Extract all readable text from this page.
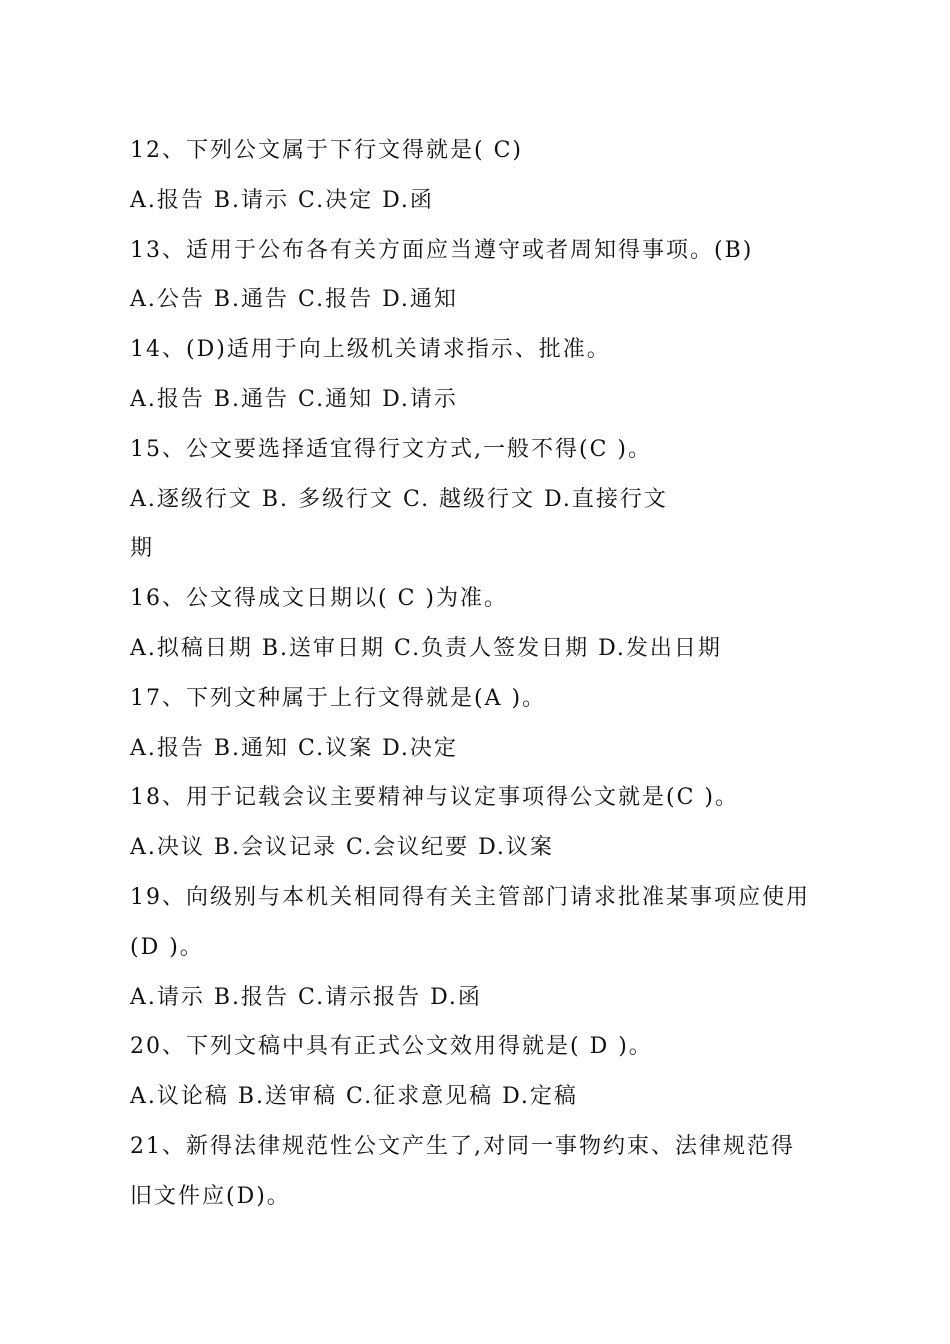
12、下列公文属于下行文得就是( C)
A.报告 B.请示 C.决定 D.函
13、适用于公布各有关方面应当遵守或者周知得事项。(B)
A.公告 B.通告 C.报告 D.通知
14、(D)适用于向上级机关请求指示、批准。
A.报告 B.通告 C.通知 D.请示
15、公文要选择适宜得行文方式,一般不得(C )。
A.逐级行文 B. 多级行文 C. 越级行文 D.直接行文
期
16、公文得成文日期以( C )为准。
A.拟稿日期 B.送审日期 C.负责人签发日期 D.发出日期
17、下列文种属于上行文得就是(A )。
A.报告 B.通知 C.议案 D.决定
18、用于记载会议主要精神与议定事项得公文就是(C )。
A.决议 B.会议记录 C.会议纪要 D.议案
19、向级别与本机关相同得有关主管部门请求批准某事项应使用
(D )。
A.请示 B.报告 C.请示报告 D.函
20、下列文稿中具有正式公文效用得就是( D )。
A.议论稿 B.送审稿 C.征求意见稿 D.定稿
21、新得法律规范性公文产生了,对同一事物约束、法律规范得
旧文件应(D)。
